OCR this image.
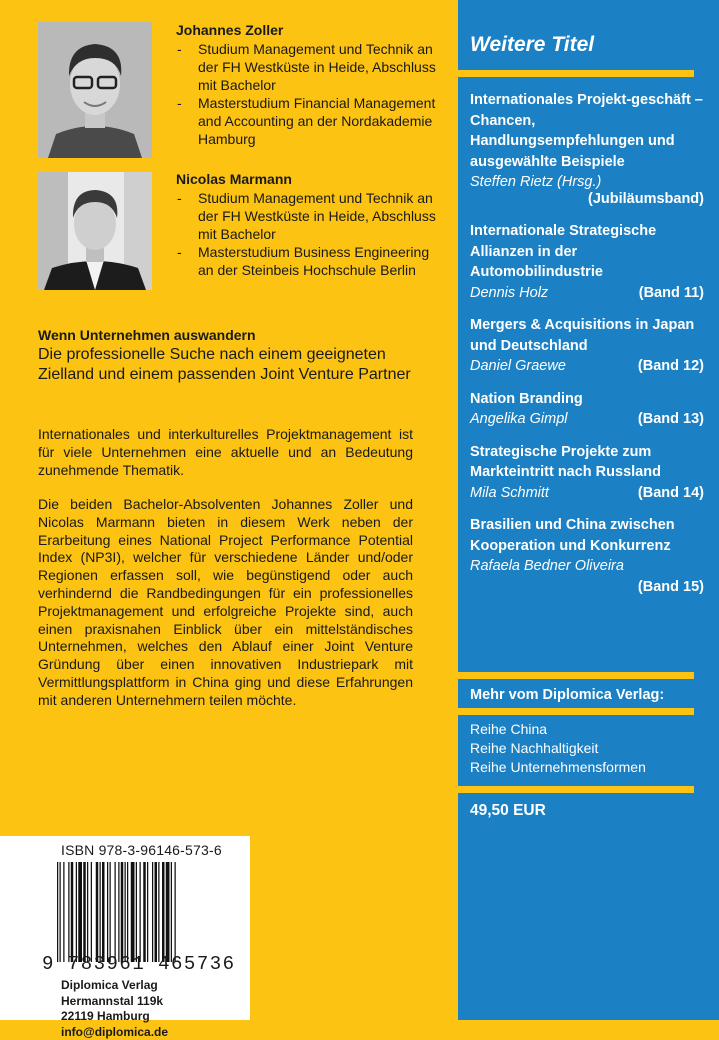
Johannes Zoller
- Studium Management und Technik an der FH Westküste in Heide, Abschluss mit Bachelor
- Masterstudium Financial Management and Accounting an der Nordakademie Hamburg
Nicolas Marmann
- Studium Management und Technik an der FH Westküste in Heide, Abschluss mit Bachelor
- Masterstudium Business Engineering an der Steinbeis Hochschule Berlin
Wenn Unternehmen auswandern
Die professionelle Suche nach einem geeigneten Zielland und einem passenden Joint Venture Partner

Internationales und interkulturelles Projektmanagement ist für viele Unternehmen eine aktuelle und an Bedeutung zunehmende Thematik.

Die beiden Bachelor-Absolventen Johannes Zoller und Nicolas Marmann bieten in diesem Werk neben der Erarbeitung eines National Project Performance Potential Index (NP3I), welcher für verschiedene Länder und/oder Regionen erfassen soll, wie begünstigend oder auch verhindernd die Randbedingungen für ein professionelles Projektmanagement und erfolgreiche Projekte sind, auch einen praxisnahen Einblick über ein mittelständisches Unternehmen, welches den Ablauf einer Joint Venture Gründung über einen innovativen Industriepark mit Vermittlungsplattform in China ging und diese Erfahrungen mit anderen Unternehmern teilen möchte.

ISBN 978-3-96146-573-6
9 783961 465736
Diplomica Verlag
Hermannstal 119k
22119 Hamburg
info@diplomica.de
Weitere Titel
Internationales Projekt-geschäft – Chancen, Handlungsempfehlungen und ausgewählte Beispiele
Steffen Rietz (Hrsg.)
(Jubiläumsband)
Internationale Strategische Allianzen in der Automobilindustrie
Dennis Holz	(Band 11)
Mergers & Acquisitions in Japan und Deutschland
Daniel Graewe	(Band 12)
Nation Branding
Angelika Gimpl	(Band 13)
Strategische Projekte zum Markteintritt nach Russland
Mila Schmitt	(Band 14)
Brasilien und China zwischen Kooperation und Konkurrenz
Rafaela Bedner Oliveira
(Band 15)
Mehr vom Diplomica Verlag:
Reihe China
Reihe Nachhaltigkeit
Reihe Unternehmensformen
49,50 EUR
